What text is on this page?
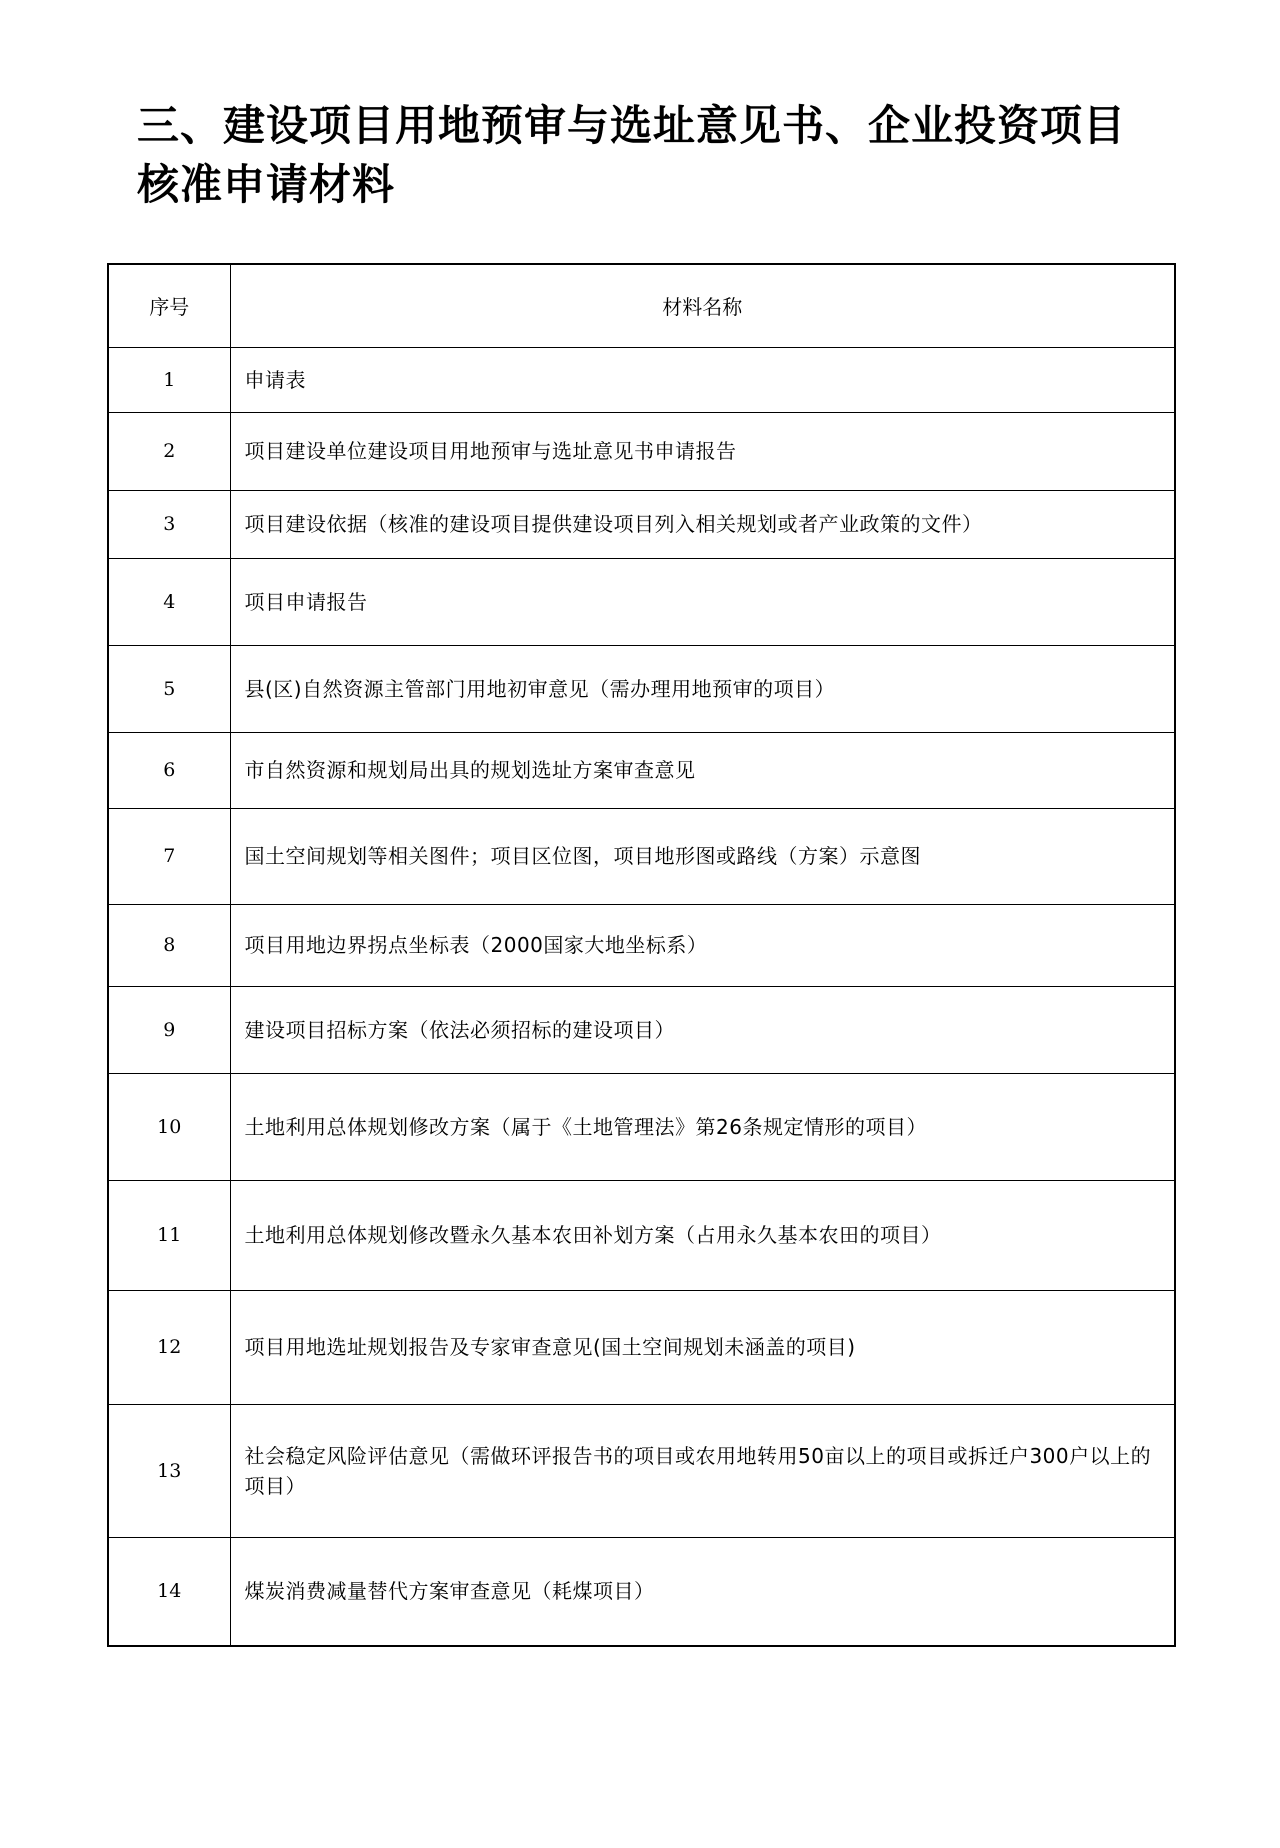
三、建设项目用地预审与选址意见书、企业投资项目
核准申请材料
序号	材料名称
1	申请表
2	项目建设单位建设项目用地预审与选址意见书申请报告
3	项目建设依据（核准的建设项目提供建设项目列入相关规划或者产业政策的文件）
4	项目申请报告
5	县(区)自然资源主管部门用地初审意见（需办理用地预审的项目）
6	市自然资源和规划局出具的规划选址方案审查意见
7	国土空间规划等相关图件；项目区位图，项目地形图或路线（方案）示意图
8	项目用地边界拐点坐标表（2000国家大地坐标系）
9	建设项目招标方案（依法必须招标的建设项目）
10	土地利用总体规划修改方案（属于《土地管理法》第26条规定情形的项目）
11	土地利用总体规划修改暨永久基本农田补划方案（占用永久基本农田的项目）
12	项目用地选址规划报告及专家审查意见(国土空间规划未涵盖的项目)
13	社会稳定风险评估意见（需做环评报告书的项目或农用地转用50亩以上的项目或拆迁户300户以上的项目）
14	煤炭消费减量替代方案审查意见（耗煤项目）
